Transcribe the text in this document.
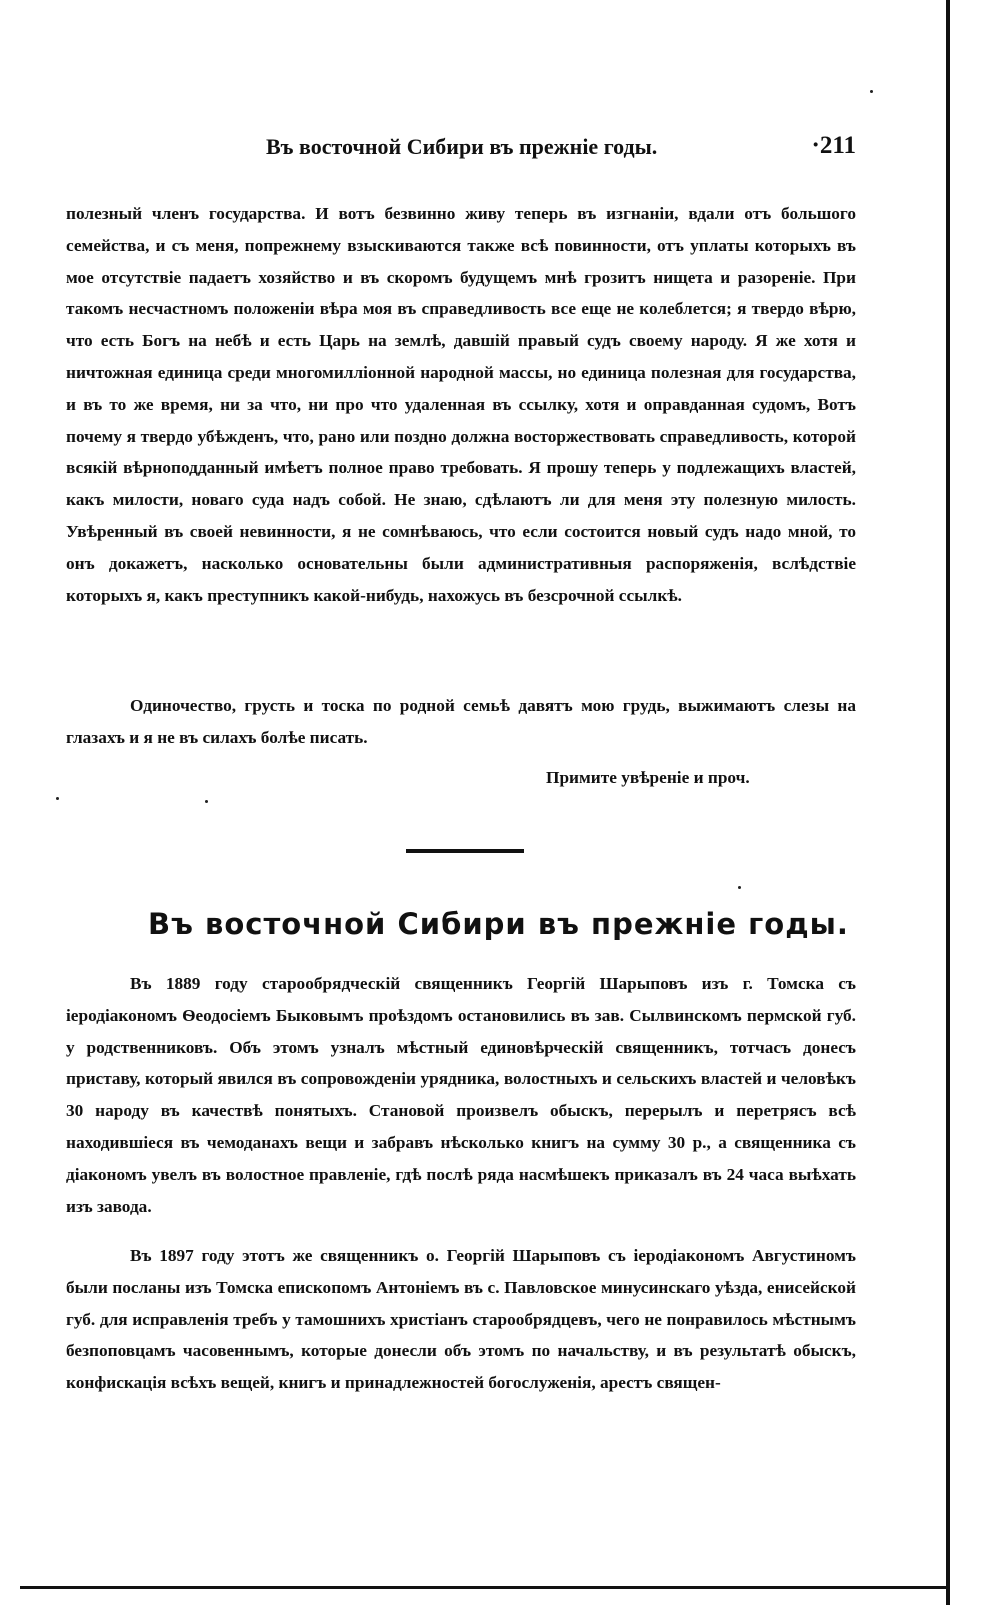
Въ восточной Сибири въ прежнiе годы.	·211

полезный членъ государства. И вотъ безвинно живу теперь въ изгнанiи, вдали отъ большого семейства, и съ меня, попрежнему взыскиваются также всѣ повинности, отъ уплаты которыхъ въ мое отсутствiе падаетъ хозяйство и въ скоромъ будущемъ мнѣ грозитъ нищета и разоренiе. При такомъ несчастномъ положенiи вѣра моя въ справедливость все еще не колеблется; я твердо вѣрю, что есть Богъ на небѣ и есть Царь на землѣ, давшiй правый судъ своему народу. Я же хотя и ничтожная единица среди многомиллiонной народной массы, но единица полезная для государства, и въ то же время, ни за что, ни про что удаленная въ ссылку, хотя и оправданная судомъ, Вотъ почему я твердо убѣжденъ, что, рано или поздно должна восторжествовать справедливость, которой всякiй вѣрноподданный имѣетъ полное право требовать. Я прошу теперь у подлежащихъ властей, какъ милости, новаго суда надъ собой. Не знаю, сдѣлаютъ ли для меня эту полезную милость. Увѣренный въ своей невинности, я не сомнѣваюсь, что если состоится новый судъ надо мной, то онъ докажетъ, насколько основательны были административныя распоряженiя, вслѣдствiе которыхъ я, какъ преступникъ какой-нибудь, нахожусь въ безсрочной ссылкѣ.

Одиночество, грусть и тоска по родной семьѣ давятъ мою грудь, выжимаютъ слезы на глазахъ и я не въ силахъ болѣе писать.

Примите увѣренiе и проч.
Въ восточной Сибири въ прежнiе годы.

Въ 1889 году старообрядческiй священникъ Георгiй Шарыповъ изъ г. Томска съ iеродiакономъ Ѳеодосiемъ Быковымъ проѣздомъ остановились въ зав. Сылвинскомъ пермской губ. у родственниковъ. Объ этомъ узналъ мѣстный единовѣрческiй священникъ, тотчасъ донесъ приставу, который явился въ сопровожденiи урядника, волостныхъ и сельскихъ властей и человѣкъ 30 народу въ качествѣ понятыхъ. Становой произвелъ обыскъ, перерылъ и перетрясъ всѣ находившiеся въ чемоданахъ вещи и забравъ нѣсколько книгъ на сумму 30 р., а священника съ дiакономъ увелъ въ волостное правленiе, гдѣ послѣ ряда насмѣшекъ приказалъ въ 24 часа выѣхать изъ завода.

Въ 1897 году этотъ же священникъ о. Георгiй Шарыповъ съ iеродiакономъ Августиномъ были посланы изъ Томска епископомъ Антонiемъ въ с. Павловское минусинскаго уѣзда, енисейской губ. для исправленiя требъ у тамошнихъ христiанъ старообрядцевъ, чего не понравилось мѣстнымъ безпоповцамъ часовеннымъ, которые донесли объ этомъ по начальству, и въ результатѣ обыскъ, конфискацiя всѣхъ вещей, книгъ и принадлежностей богослуженiя, арестъ священ-
